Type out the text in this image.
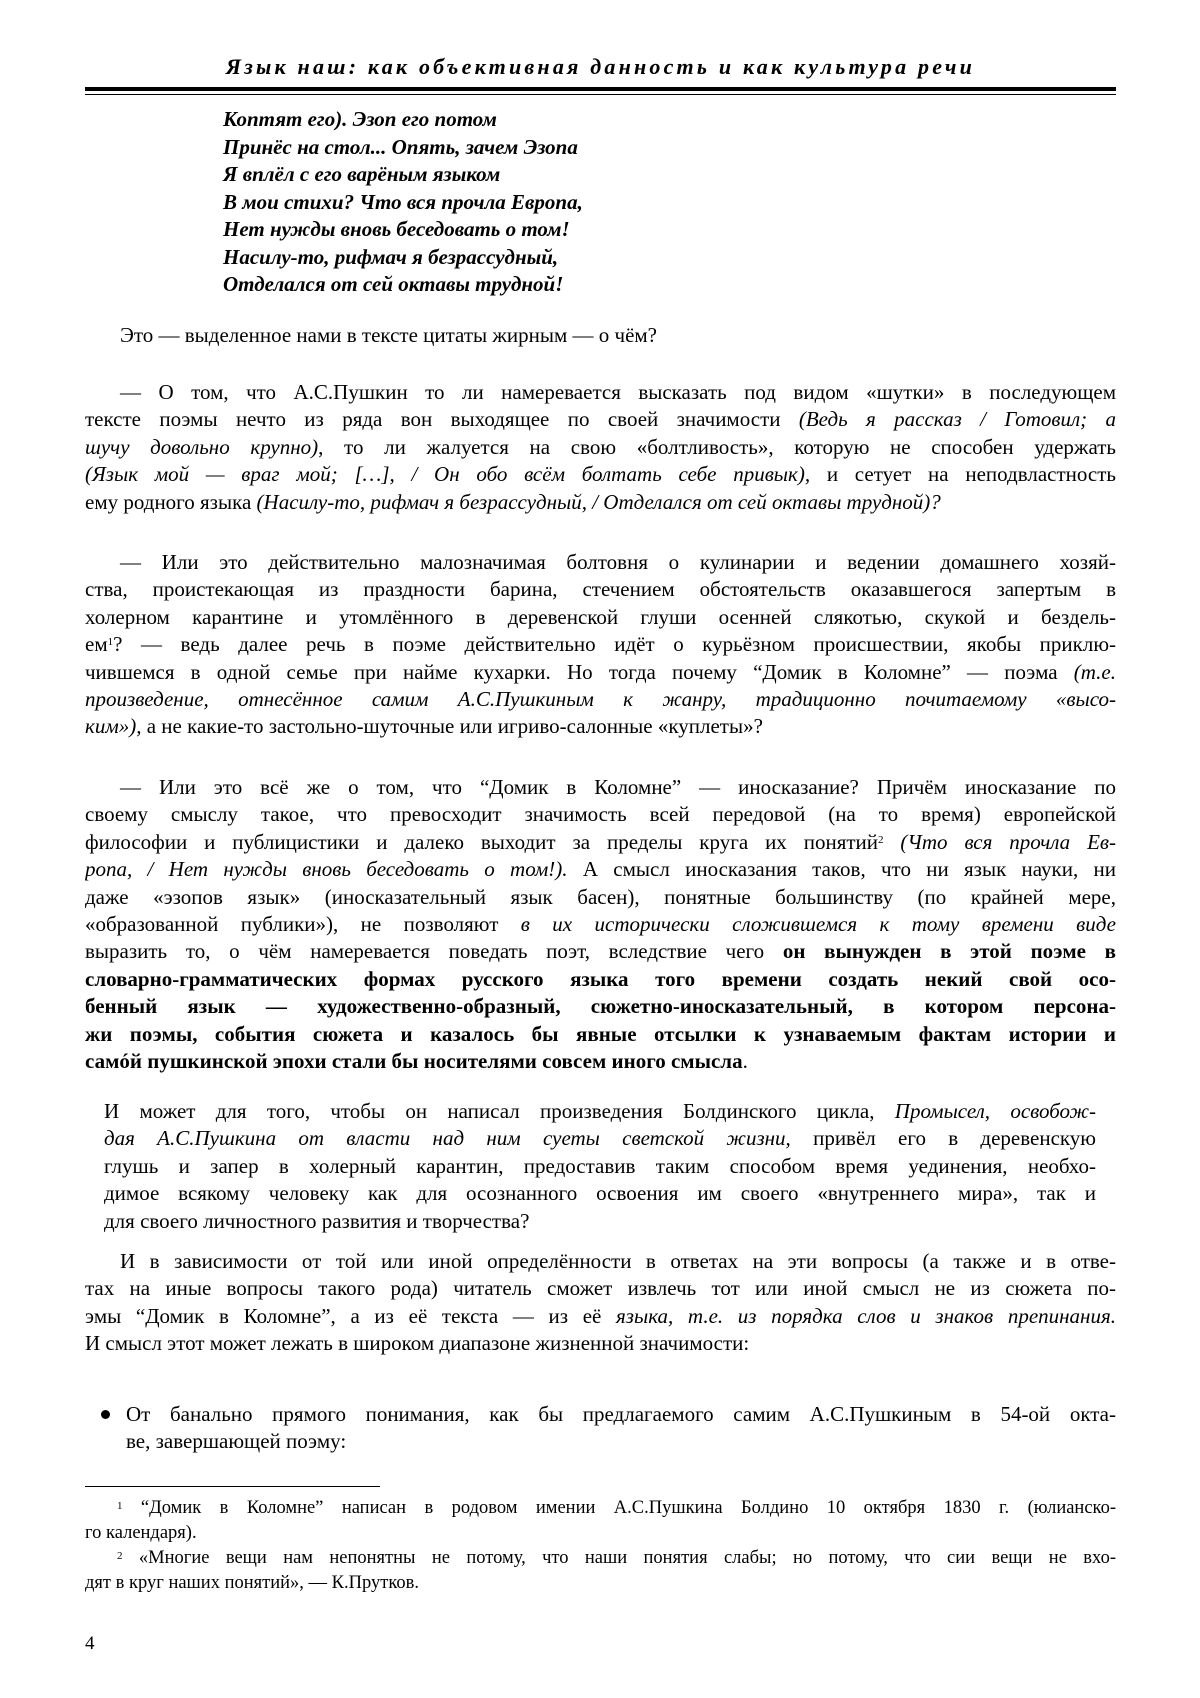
Язык наш: как объективная данность и как культура речи
Коптят его). Эзоп его потом
Принёс на стол... Опять, зачем Эзопа
Я вплёл с его варёным языком
В мои стихи? Что вся прочла Европа,
Нет нужды вновь беседовать о том!
Насилу-то, рифмач я безрассудный,
Отделался от сей октавы трудной!
Это — выделенное нами в тексте цитаты жирным — о чём?
— О том, что А.С.Пушкин то ли намеревается высказать под видом «шутки» в последующем
тексте поэмы нечто из ряда вон выходящее по своей значимости (Ведь я рассказ / Готовил; а
шучу довольно крупно), то ли жалуется на свою «болтливость», которую не способен удержать
(Язык мой — враг мой; […], / Он обо всём болтать себе привык), и сетует на неподвластность
ему родного языка (Насилу-то, рифмач я безрассудный, / Отделался от сей октавы трудной)?
— Или это действительно малозначимая болтовня о кулинарии и ведении домашнего хозяй-
ства, проистекающая из праздности барина, стечением обстоятельств оказавшегося запертым в
холерном карантине и утомлённого в деревенской глуши осенней слякотью, скукой и бездель-
$ем^1$? — ведь далее речь в поэме действительно идёт о курьёзном происшествии, якобы приклю-
чившемся в одной семье при найме кухарки. Но тогда почему “Домик в Коломне” — поэма (т.е.
произведение, отнесённое самим А.С.Пушкиным к жанру, традиционно почитаемому «высо-
ким»), а не какие-то застольно-шуточные или игриво-салонные «куплеты»?
— Или это всё же о том, что “Домик в Коломне” — иносказание? Причём иносказание по
своему смыслу такое, что превосходит значимость всей передовой (на то время) европейской
философии и публицистики и далеко выходит за пределы круга их понятий$^2$ (Что вся прочла Ев-
ропа, / Нет нужды вновь беседовать о том!). А смысл иносказания таков, что ни язык науки, ни
даже «эзопов язык» (иносказательный язык басен), понятные большинству (по крайней мере,
«образованной публики»), не позволяют в их исторически сложившемся к тому времени виде
выразить то, о чём намеревается поведать поэт, вследствие чего он вынужден в этой поэме в
словарно-грамматических формах русского языка того времени создать некий свой осо-
бенный язык — художественно-образный, сюжетно-иносказательный, в котором персона-
жи поэмы, события сюжета и казалось бы явные отсылки к узнаваемым фактам истории и
самóй пушкинской эпохи стали бы носителями совсем иного смысла.
И может для того, чтобы он написал произведения Болдинского цикла, Промысел, освобож-
дая А.С.Пушкина от власти над ним суеты светской жизни, привёл его в деревенскую
глушь и запер в холерный карантин, предоставив таким способом время уединения, необхо-
димое всякому человеку как для осознанного освоения им своего «внутреннего мира», так и
для своего личностного развития и творчества?
И в зависимости от той или иной определённости в ответах на эти вопросы (а также и в отве-
тах на иные вопросы такого рода) читатель сможет извлечь тот или иной смысл не из сюжета по-
эмы “Домик в Коломне”, а из её текста — из её языка, т.е. из порядка слов и знаков препинания.
И смысл этот может лежать в широком диапазоне жизненной значимости:
От банально прямого понимания, как бы предлагаемого самим А.С.Пушкиным в 54-ой окта-
ве, завершающей поэму:
$^1$ “Домик в Коломне” написан в родовом имении А.С.Пушкина Болдино 10 октября 1830 г. (юлианско-
го календаря).
$^2$ «Многие вещи нам непонятны не потому, что наши понятия слабы; но потому, что сии вещи не вхо-
дят в круг наших понятий», — К.Прутков.
4
